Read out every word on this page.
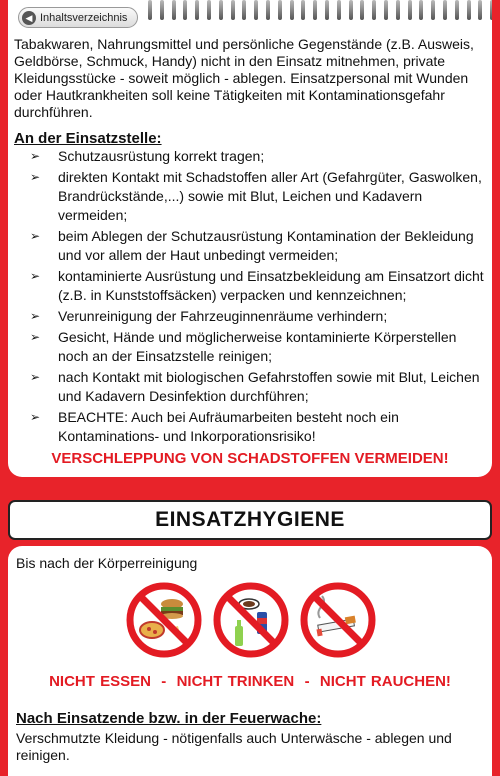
◀ Inhaltsverzeichnis

Tabakwaren, Nahrungsmittel und persönliche Gegenstände (z.B. Ausweis, Geldbörse, Schmuck, Handy) nicht in den Einsatz mitnehmen, private Kleidungsstücke - soweit möglich - ablegen. Einsatzpersonal mit Wunden oder Hautkrankheiten soll keine Tätigkeiten mit Kontaminationsgefahr durchführen.

An der Einsatzstelle:

➢ Schutzausrüstung korrekt tragen;
➢ direkten Kontakt mit Schadstoffen aller Art (Gefahrgüter, Gaswolken, Brandrückstände,...) sowie mit Blut, Leichen und Kadavern vermeiden;
➢ beim Ablegen der Schutzausrüstung Kontamination der Bekleidung und vor allem der Haut unbedingt vermeiden;
➢ kontaminierte Ausrüstung und Einsatzbekleidung am Einsatzort dicht (z.B. in Kunststoffsäcken) verpacken und kennzeichnen;
➢ Verunreinigung der Fahrzeuginnenräume verhindern;
➢ Gesicht, Hände und möglicherweise kontaminierte Körperstellen noch an der Einsatzstelle reinigen;
➢ nach Kontakt mit biologischen Gefahrstoffen sowie mit Blut, Leichen und Kadavern Desinfektion durchführen;
➢ BEACHTE: Auch bei Aufräumarbeiten besteht noch ein Kontaminations- und Inkorporationsrisiko!

VERSCHLEPPUNG VON SCHADSTOFFEN VERMEIDEN!

EINSATZHYGIENE

Bis nach der Körperreinigung

NICHT ESSEN  -  NICHT TRINKEN  -  NICHT RAUCHEN!

Nach Einsatzende bzw. in der Feuerwache:

Verschmutzte Kleidung - nötigenfalls auch Unterwäsche - ablegen und reinigen.
